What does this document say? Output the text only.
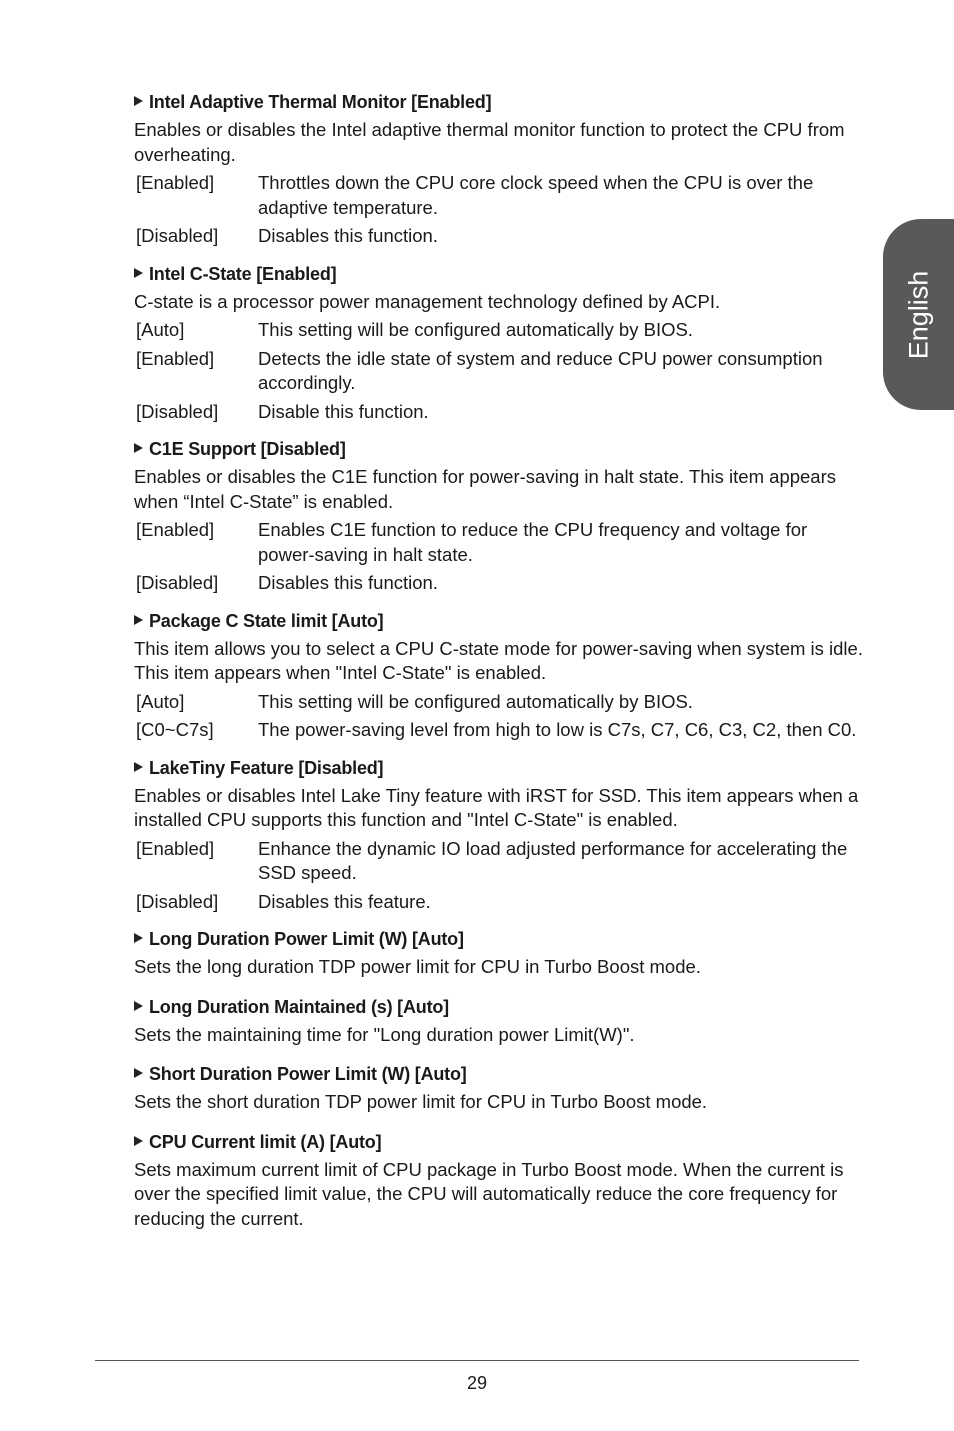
Intel Adaptive Thermal Monitor [Enabled]
Enables or disables the Intel adaptive thermal monitor function to protect the CPU from overheating.
[Enabled]	Throttles down the CPU core clock speed when the CPU is over the adaptive temperature.
[Disabled]	Disables this function.
Intel C-State [Enabled]
C-state is a processor power management technology defined by ACPI.
[Auto]	This setting will be configured automatically by BIOS.
[Enabled]	Detects the idle state of system and reduce CPU power consumption accordingly.
[Disabled]	Disable this function.
C1E Support [Disabled]
Enables or disables the C1E function for power-saving in halt state. This item appears when “Intel C-State” is enabled.
[Enabled]	Enables C1E function to reduce the CPU frequency and voltage for power-saving in halt state.
[Disabled]	Disables this function.
Package C State limit [Auto]
This item allows you to select a CPU C-state mode for power-saving when system is idle. This item appears when "Intel C-State" is enabled.
[Auto]	This setting will be configured automatically by BIOS.
[C0~C7s]	The power-saving level from high to low is C7s, C7, C6, C3, C2, then C0.
LakeTiny Feature [Disabled]
Enables or disables Intel Lake Tiny feature with iRST for SSD. This item appears when a installed CPU supports this function and "Intel C-State" is enabled.
[Enabled]	Enhance the dynamic IO load adjusted performance for accelerating the SSD speed.
[Disabled]	Disables this feature.
Long Duration Power Limit (W) [Auto]
Sets the long duration TDP power limit for CPU in Turbo Boost mode.
Long Duration Maintained (s) [Auto]
Sets the maintaining time for "Long duration power Limit(W)".
Short Duration Power Limit (W) [Auto]
Sets the short duration TDP power limit for CPU in Turbo Boost mode.
CPU Current limit (A) [Auto]
Sets maximum current limit of CPU package in Turbo Boost mode. When the current is over the specified limit value, the CPU will automatically reduce the core frequency for reducing the current.
English
29
